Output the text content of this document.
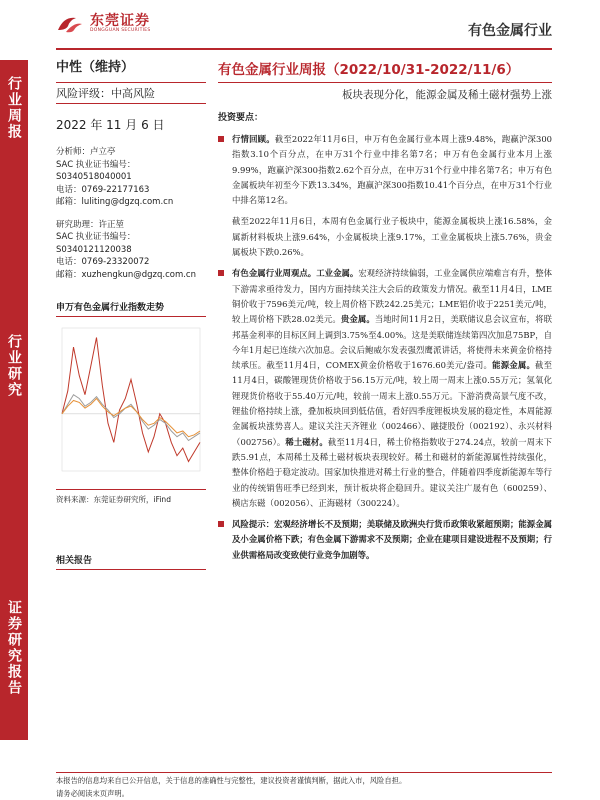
东莞证券
DONGGUAN SECURITIES	有色金属行业
行业周报
行业研究
证券研究报告
中性（维持）
风险评级：中高风险
2022 年 11 月 6 日
分析师：卢立亭
SAC 执业证书编号：
S0340518040001
电话：0769-22177163
邮箱：luliting@dgzq.com.cn
研究助理：许正堃
SAC 执业证书编号：
S0340121120038
电话：0769-23320072
邮箱：xuzhengkun@dgzq.com.cn
申万有色金属行业指数走势
资料来源：东莞证券研究所，iFind
相关报告
有色金属行业周报（2022/10/31-2022/11/6）
板块表现分化，能源金属及稀土磁材强势上涨
投资要点：
行情回顾。截至2022年11月6日，申万有色金属行业本周上涨9.48%，跑赢沪深300指数3.10个百分点，在申万31个行业中排名第7名；申万有色金属行业本月上涨9.99%，跑赢沪深300指数2.62个百分点，在申万31个行业中排名第7名；申万有色金属板块年初至今下跌13.34%，跑赢沪深300指数10.41个百分点，在申万31个行业中排名第12名。
截至2022年11月6日，本周有色金属行业子板块中，能源金属板块上涨16.58%，金属新材料板块上涨9.64%，小金属板块上涨9.17%，工业金属板块上涨5.76%，贵金属板块下跌0.26%。
有色金属行业周观点。工业金属。宏观经济持续偏弱，工业金属供应端难言有升，整体下游需求亟待发力，国内方面持续关注大会后的政策发力情况。截至11月4日，LME铜价收于7596美元/吨，较上周价格下跌242.25美元；LME铝价收于2251美元/吨，较上周价格下跌28.02美元。贵金属。当地时间11月2日，美联储议息会议宣布，将联邦基金利率的目标区间上调到3.75%至4.00%。这是美联储连续第四次加息75BP，自今年1月起已连续六次加息。会议后鲍威尔发表强烈鹰派讲话，将使得未来黄金价格持续承压。截至11月4日，COMEX黄金价格收于1676.60美元/盎司。能源金属。截至11月4日，碳酸锂现货价格收于56.15万元/吨，较上周一周末上涨0.55万元；氢氧化锂现货价格收于55.40万元/吨，较前一周末上涨0.55万元。下游消费高景气度不改，锂盐价格持续上涨，叠加板块回到低估值，看好四季度锂板块发展的稳定性，本周能源金属板块涨势喜人。建议关注天齐锂业（002466）、融捷股份（002192）、永兴材料（002756）。稀土磁材。截至11月4日，稀土价格指数收于274.24点，较前一周末下跌5.91点，本周稀土及稀土磁材板块表现较好。稀土和磁材的新能源属性持续强化，整体价格趋于稳定波动。国家加快推进对稀土行业的整合，伴随着四季度新能源车等行业的传统销售旺季已经到来，预计板块将企稳回升。建议关注广晟有色（600259）、横店东磁（002056）、正海磁材（300224）。
风险提示：宏观经济增长不及预期；美联储及欧洲央行货币政策收紧超预期；能源金属及小金属价格下跌；有色金属下游需求不及预期；企业在建项目建设进程不及预期；行业供需格局改变致使行业竞争加剧等。
本报告的信息均来自已公开信息，关于信息的准确性与完整性，建议投资者谨慎判断，据此入市，风险自担。
请务必阅读末页声明。
